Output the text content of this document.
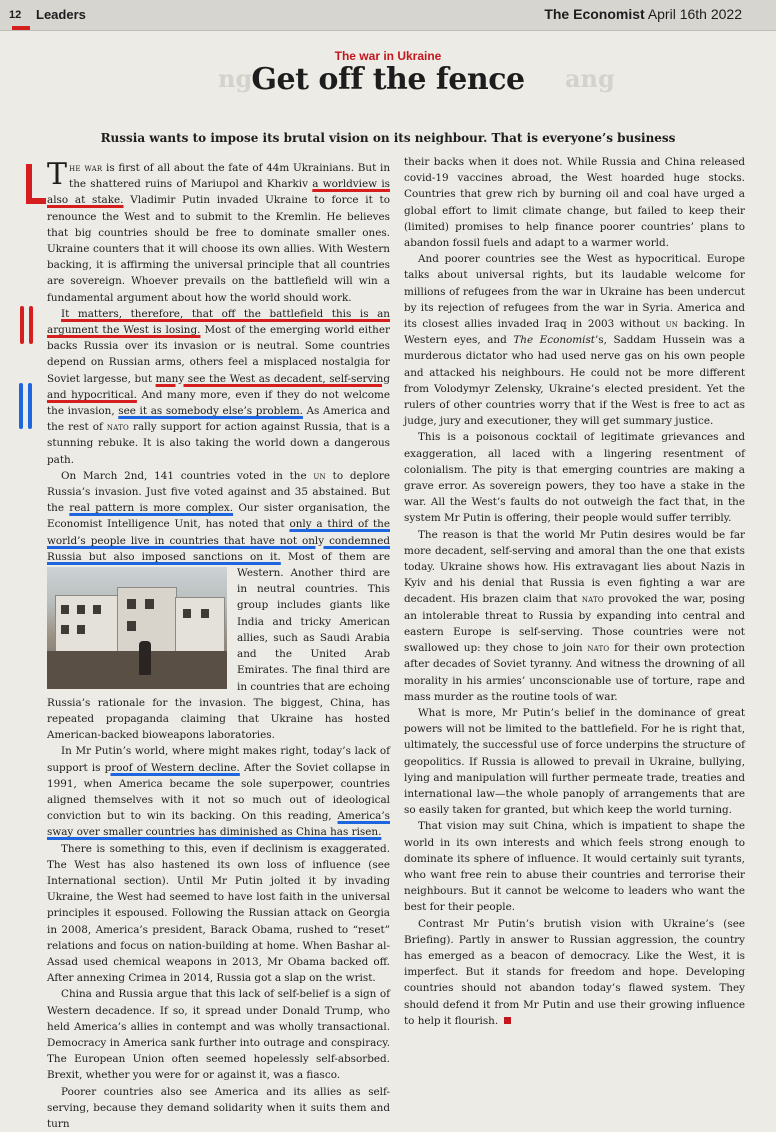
12 Leaders	The Economist April 16th 2022
ang
ng
The war in Ukraine
Get off the fence
Russia wants to impose its brutal vision on its neighbour. That is everyone’s business

The war is first of all about the fate of 44m Ukrainians. But in the shattered ruins of Mariupol and Kharkiv a worldview is also at stake. Vladimir Putin invaded Ukraine to force it to renounce the West and to submit to the Kremlin. He believes that big countries should be free to dominate smaller ones. Ukraine counters that it will choose its own allies. With Western backing, it is affirming the universal principle that all countries are sovereign. Whoever prevails on the battlefield will win a fundamental argument about how the world should work.

It matters, therefore, that off the battlefield this is an argument the West is losing. Most of the emerging world either backs Russia over its invasion or is neutral. Some countries depend on Russian arms, others feel a misplaced nostalgia for Soviet largesse, but many see the West as decadent, self-serving and hypocritical. And many more, even if they do not welcome the invasion, see it as somebody else’s problem. As America and the rest of nato rally support for action against Russia, that is a stunning rebuke. It is also taking the world down a dangerous path.

On March 2nd, 141 countries voted in the un to deplore Russia’s invasion. Just five voted against and 35 abstained. But the real pattern is more complex. Our sister organisation, the Economist Intelligence Unit, has noted that only a third of the world’s people live in countries that have not only condemned Russia but also imposed sanctions on it.
Most of them are Western. Another third are in neutral countries. This group includes giants like India and tricky American allies, such as Saudi Arabia and the United Arab Emirates. The final third are in countries that are echoing Russia’s rationale for the invasion. The biggest, China, has repeated propaganda claiming that Ukraine has hosted American-backed bioweapons laboratories.

In Mr Putin’s world, where might makes right, today’s lack of support is proof of Western decline. After the Soviet collapse in 1991, when America became the sole superpower, countries aligned themselves with it not so much out of ideological conviction but to win its backing. On this reading, America’s sway over smaller countries has diminished as China has risen.

There is something to this, even if declinism is exaggerated. The West has also hastened its own loss of influence (see International section). Until Mr Putin jolted it by invading Ukraine, the West had seemed to have lost faith in the universal principles it espoused. Following the Russian attack on Georgia in 2008, America’s president, Barack Obama, rushed to “reset” relations and focus on nation-building at home. When Bashar al-Assad used chemical weapons in 2013, Mr Obama backed off. After annexing Crimea in 2014, Russia got a slap on the wrist.

China and Russia argue that this lack of self-belief is a sign of Western decadence. If so, it spread under Donald Trump, who held America’s allies in contempt and was wholly transactional. Democracy in America sank further into outrage and conspiracy. The European Union often seemed hopelessly self-absorbed. Brexit, whether you were for or against it, was a fiasco.

Poorer countries also see America and its allies as self-serving, because they demand solidarity when it suits them and turn

their backs when it does not. While Russia and China released covid-19 vaccines abroad, the West hoarded huge stocks. Countries that grew rich by burning oil and coal have urged a global effort to limit climate change, but failed to keep their (limited) promises to help finance poorer countries’ plans to abandon fossil fuels and adapt to a warmer world.

And poorer countries see the West as hypocritical. Europe talks about universal rights, but its laudable welcome for millions of refugees from the war in Ukraine has been undercut by its rejection of refugees from the war in Syria. America and its closest allies invaded Iraq in 2003 without un backing. In Western eyes, and The Economist’s, Saddam Hussein was a murderous dictator who had used nerve gas on his own people and attacked his neighbours. He could not be more different from Volodymyr Zelensky, Ukraine’s elected president. Yet the rulers of other countries worry that if the West is free to act as judge, jury and executioner, they will get summary justice.

This is a poisonous cocktail of legitimate grievances and exaggeration, all laced with a lingering resentment of colonialism. The pity is that emerging countries are making a grave error. As sovereign powers, they too have a stake in the war. All the West’s faults do not outweigh the fact that, in the system Mr Putin is offering, their people would suffer terribly.

The reason is that the world Mr Putin desires would be far more decadent, self-serving and amoral than the one that exists today. Ukraine shows how. His extravagant lies about Nazis in Kyiv and his denial that Russia is even fighting a war are decadent. His brazen claim that nato provoked the war, posing an intolerable threat to Russia by expanding into central and eastern Europe is self-serving. Those countries were not swallowed up: they chose to join nato for their own protection after decades of Soviet tyranny. And witness the drowning of all morality in his armies’ unconscionable use of torture, rape and mass murder as the routine tools of war.

What is more, Mr Putin’s belief in the dominance of great powers will not be limited to the battlefield. For he is right that, ultimately, the successful use of force underpins the structure of geopolitics. If Russia is allowed to prevail in Ukraine, bullying, lying and manipulation will further permeate trade, treaties and international law—the whole panoply of arrangements that are so easily taken for granted, but which keep the world turning.

That vision may suit China, which is impatient to shape the world in its own interests and which feels strong enough to dominate its sphere of influence. It would certainly suit tyrants, who want free rein to abuse their countries and terrorise their neighbours. But it cannot be welcome to leaders who want the best for their people.

Contrast Mr Putin’s brutish vision with Ukraine’s (see Briefing). Partly in answer to Russian aggression, the country has emerged as a beacon of democracy. Like the West, it is imperfect. But it stands for freedom and hope. Developing countries should not abandon today’s flawed system. They should defend it from Mr Putin and use their growing influence to help it flourish.
